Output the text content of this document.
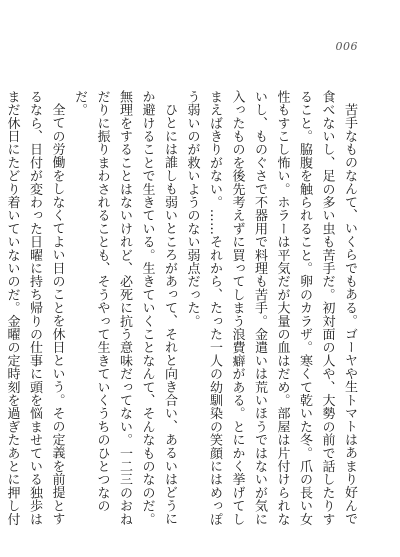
006

苦手なものなんて、いくらでもある。ゴーヤや生トマトはあまり好んで食べないし、足の多い虫も苦手だ。初対面の人や、大勢の前で話したりすること。脇腹を触られること。卵のカラザ。寒くて乾いた冬。爪の長い女性もすこし怖い。ホラーは平気だが大量の血はだめ。部屋は片付けられないし、ものぐさで不器用で料理も苦手。金遣いは荒いほうではないが気に入ったものを後先考えずに買ってしまう浪費癖がある。とにかく挙げてしまえばきりがない。……それから、たった一人の幼馴染の笑顔にはめっぽう弱いのが救いようのない弱点だった。

ひとには誰しも弱いところがあって、それと向き合い、あるいはどうにか避けることで生きている。生きていくことなんて、そんなものなのだ。無理をすることはないけれど、必死に抗う意味だってない。一二三のおねだりに振りまわされることも、そうやって生きていくうちのひとつなのだ。

全ての労働をしなくてよい日のことを休日という。その定義を前提とするなら、日付が変わった日曜に持ち帰りの仕事に頭を悩ませている独歩はまだ休日にたどり着いていないのだ。金曜の定時刻を過ぎたあとに押し付
